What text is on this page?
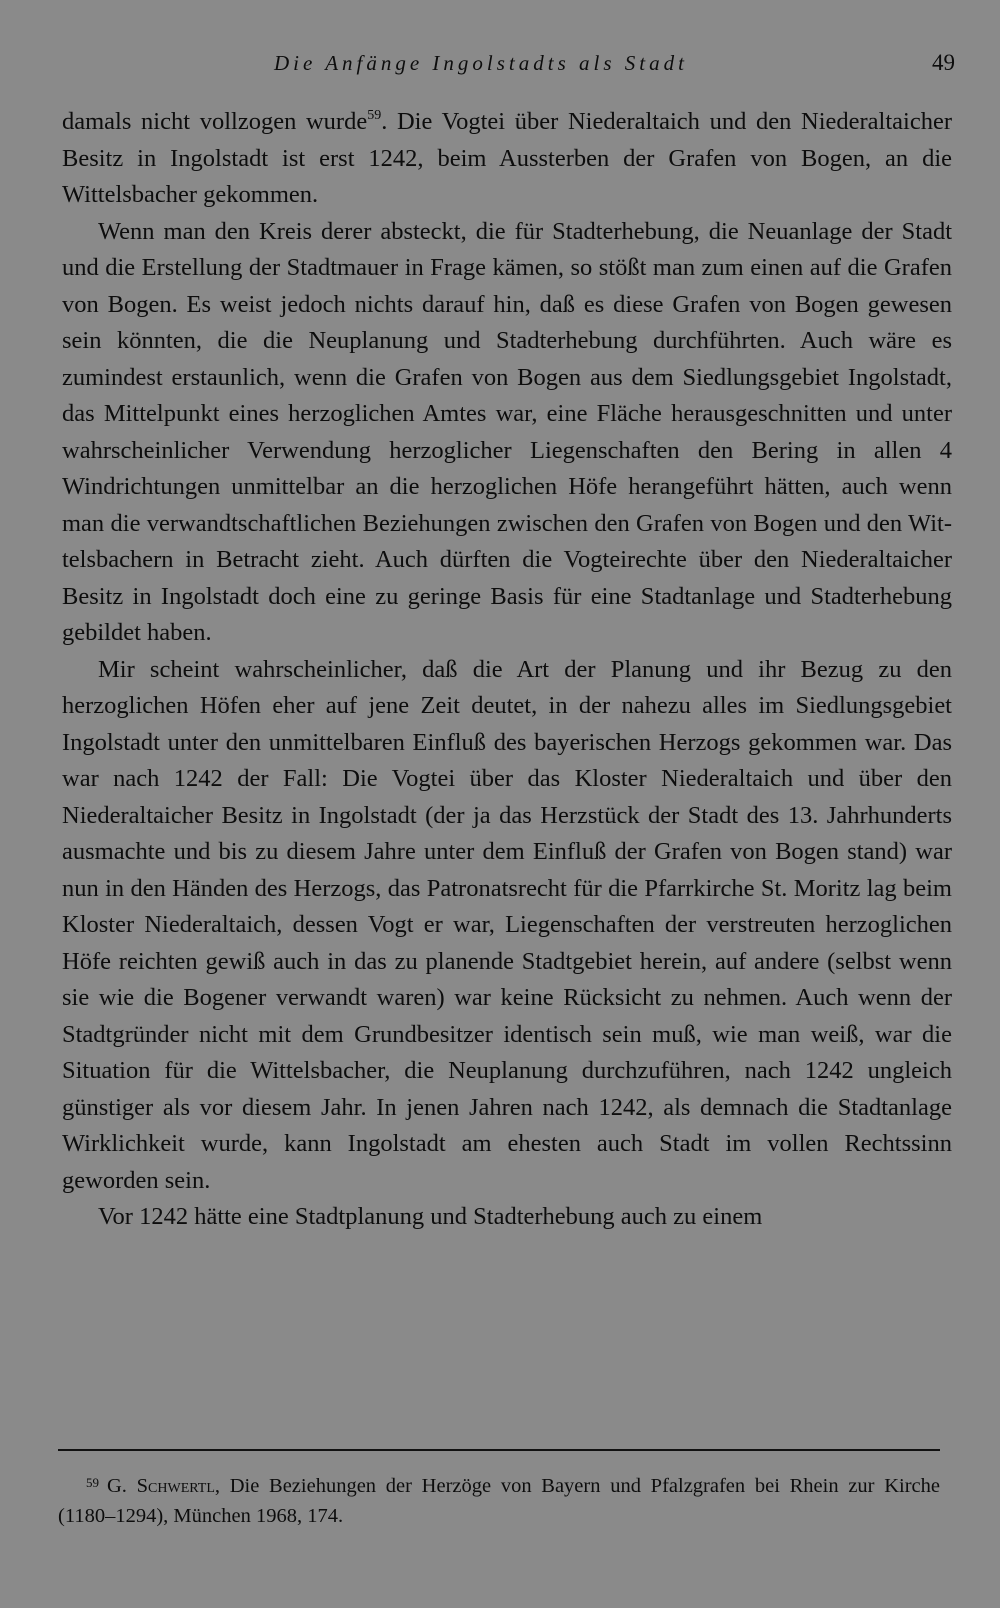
Die Anfänge Ingolstadts als Stadt	49

damals nicht vollzogen wurde$^{59}$. Die Vogtei über Niederaltaich und den Niederaltaicher Besitz in Ingolstadt ist erst 1242, beim Aussterben der Grafen von Bogen, an die Wittelsbacher gekommen.

Wenn man den Kreis derer absteckt, die für Stadterhebung, die Neuanlage der Stadt und die Erstellung der Stadtmauer in Frage kämen, so stößt man zum einen auf die Grafen von Bogen. Es weist jedoch nichts darauf hin, daß es diese Grafen von Bogen gewesen sein könnten, die die Neuplanung und Stadterhebung durchführten. Auch wäre es zumindest erstaunlich, wenn die Grafen von Bogen aus dem Siedlungsgebiet Ingolstadt, das Mittelpunkt eines herzoglichen Amtes war, eine Fläche herausgeschnitten und unter wahrscheinlicher Verwendung herzoglicher Liegenschaften den Bering in allen 4 Windrichtungen unmittelbar an die herzoglichen Höfe herangeführt hätten, auch wenn man die verwandtschaftlichen Beziehungen zwischen den Grafen von Bogen und den Wittelsbachern in Betracht zieht. Auch dürften die Vogteirechte über den Niederaltaicher Besitz in Ingolstadt doch eine zu geringe Basis für eine Stadtanlage und Stadterhebung gebildet haben.

Mir scheint wahrscheinlicher, daß die Art der Planung und ihr Bezug zu den herzoglichen Höfen eher auf jene Zeit deutet, in der nahezu alles im Siedlungsgebiet Ingolstadt unter den unmittelbaren Einfluß des bayerischen Herzogs gekommen war. Das war nach 1242 der Fall: Die Vogtei über das Kloster Niederaltaich und über den Niederaltaicher Besitz in Ingolstadt (der ja das Herzstück der Stadt des 13. Jahrhunderts ausmachte und bis zu diesem Jahre unter dem Einfluß der Grafen von Bogen stand) war nun in den Händen des Herzogs, das Patronatsrecht für die Pfarrkirche St. Moritz lag beim Kloster Niederaltaich, dessen Vogt er war, Liegenschaften der verstreuten herzoglichen Höfe reichten gewiß auch in das zu planende Stadtgebiet herein, auf andere (selbst wenn sie wie die Bogener verwandt waren) war keine Rücksicht zu nehmen. Auch wenn der Stadtgründer nicht mit dem Grundbesitzer identisch sein muß, wie man weiß, war die Situation für die Wittelsbacher, die Neuplanung durchzuführen, nach 1242 ungleich günstiger als vor diesem Jahr. In jenen Jahren nach 1242, als demnach die Stadtanlage Wirklichkeit wurde, kann Ingolstadt am ehesten auch Stadt im vollen Rechtssinn geworden sein.

Vor 1242 hätte eine Stadtplanung und Stadterhebung auch zu einem

$^{59}$ G. Schwertl, Die Beziehungen der Herzöge von Bayern und Pfalzgrafen bei Rhein zur Kirche (1180–1294), München 1968, 174.
